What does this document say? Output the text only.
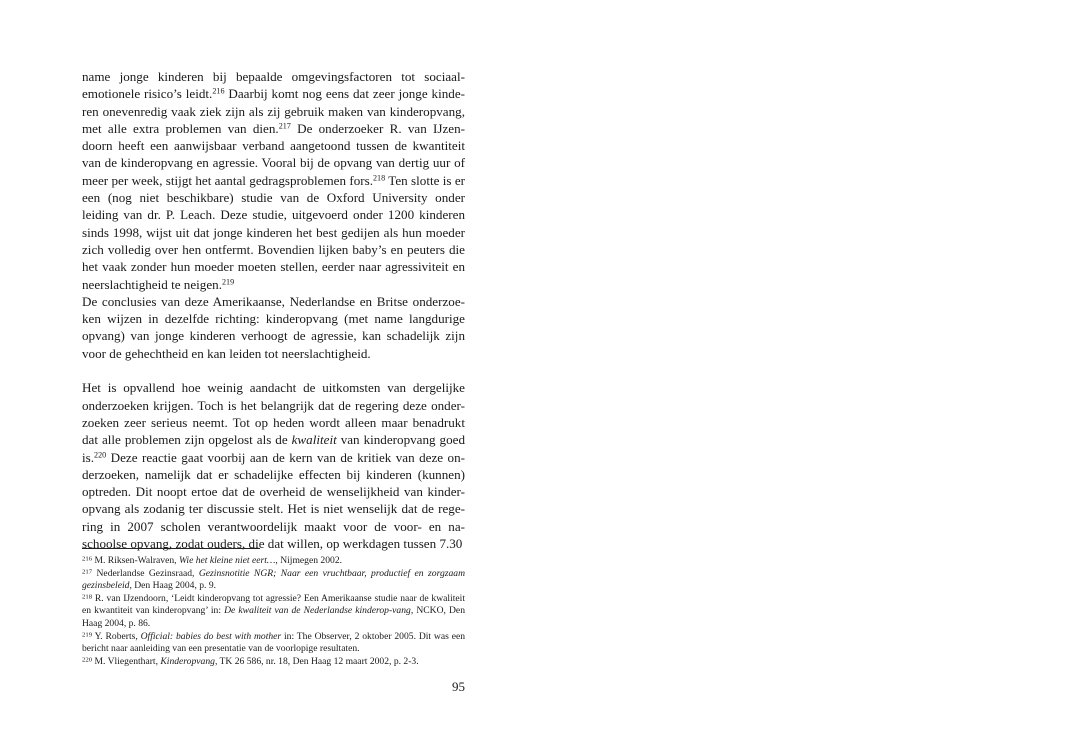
name jonge kinderen bij bepaalde omgevingsfactoren tot sociaal-emotionele risico’s leidt.$^{216}$ Daarbij komt nog eens dat zeer jonge kinde-ren onevenredig vaak ziek zijn als zij gebruik maken van kinderopvang, met alle extra problemen van dien.$^{217}$ De onderzoeker R. van IJzen-doorn heeft een aanwijsbaar verband aangetoond tussen de kwantiteit van de kinderopvang en agressie. Vooral bij de opvang van dertig uur of meer per week, stijgt het aantal gedragsproblemen fors.$^{218}$ Ten slotte is er een (nog niet beschikbare) studie van de Oxford University onder leiding van dr. P. Leach. Deze studie, uitgevoerd onder 1200 kinderen sinds 1998, wijst uit dat jonge kinderen het best gedijen als hun moeder zich volledig over hen ontfermt. Bovendien lijken baby’s en peuters die het vaak zonder hun moeder moeten stellen, eerder naar agressiviteit en neerslachtigheid te neigen.$^{219}$

De conclusies van deze Amerikaanse, Nederlandse en Britse onderzoe-ken wijzen in dezelfde richting: kinderopvang (met name langdurige opvang) van jonge kinderen verhoogt de agressie, kan schadelijk zijn voor de gehechtheid en kan leiden tot neerslachtigheid.

Het is opvallend hoe weinig aandacht de uitkomsten van dergelijke onderzoeken krijgen. Toch is het belangrijk dat de regering deze onder-zoeken zeer serieus neemt. Tot op heden wordt alleen maar benadrukt dat alle problemen zijn opgelost als de kwaliteit van kinderopvang goed is.$^{220}$ Deze reactie gaat voorbij aan de kern van de kritiek van deze on-derzoeken, namelijk dat er schadelijke effecten bij kinderen (kunnen) optreden. Dit noopt ertoe dat de overheid de wenselijkheid van kinder-opvang als zodanig ter discussie stelt. Het is niet wenselijk dat de rege-ring in 2007 scholen verantwoordelijk maakt voor de voor- en na-schoolse opvang, zodat ouders, die dat willen, op werkdagen tussen 7.30

$^{216}$ M. Riksen-Walraven, Wie het kleine niet eert…, Nijmegen 2002.

$^{217}$ Nederlandse Gezinsraad, Gezinsnotitie NGR; Naar een vruchtbaar, productief en zorgzaam gezinsbeleid, Den Haag 2004, p. 9.

$^{218}$ R. van IJzendoorn, ‘Leidt kinderopvang tot agressie? Een Amerikaanse studie naar de kwaliteit en kwantiteit van kinderopvang’ in: De kwaliteit van de Nederlandse kinderop-vang, NCKO, Den Haag 2004, p. 86.

$^{219}$ Y. Roberts, Official: babies do best with mother in: The Observer, 2 oktober 2005. Dit was een bericht naar aanleiding van een presentatie van de voorlopige resultaten.

$^{220}$ M. Vliegenthart, Kinderopvang, TK 26 586, nr. 18, Den Haag 12 maart 2002, p. 2-3.

95
